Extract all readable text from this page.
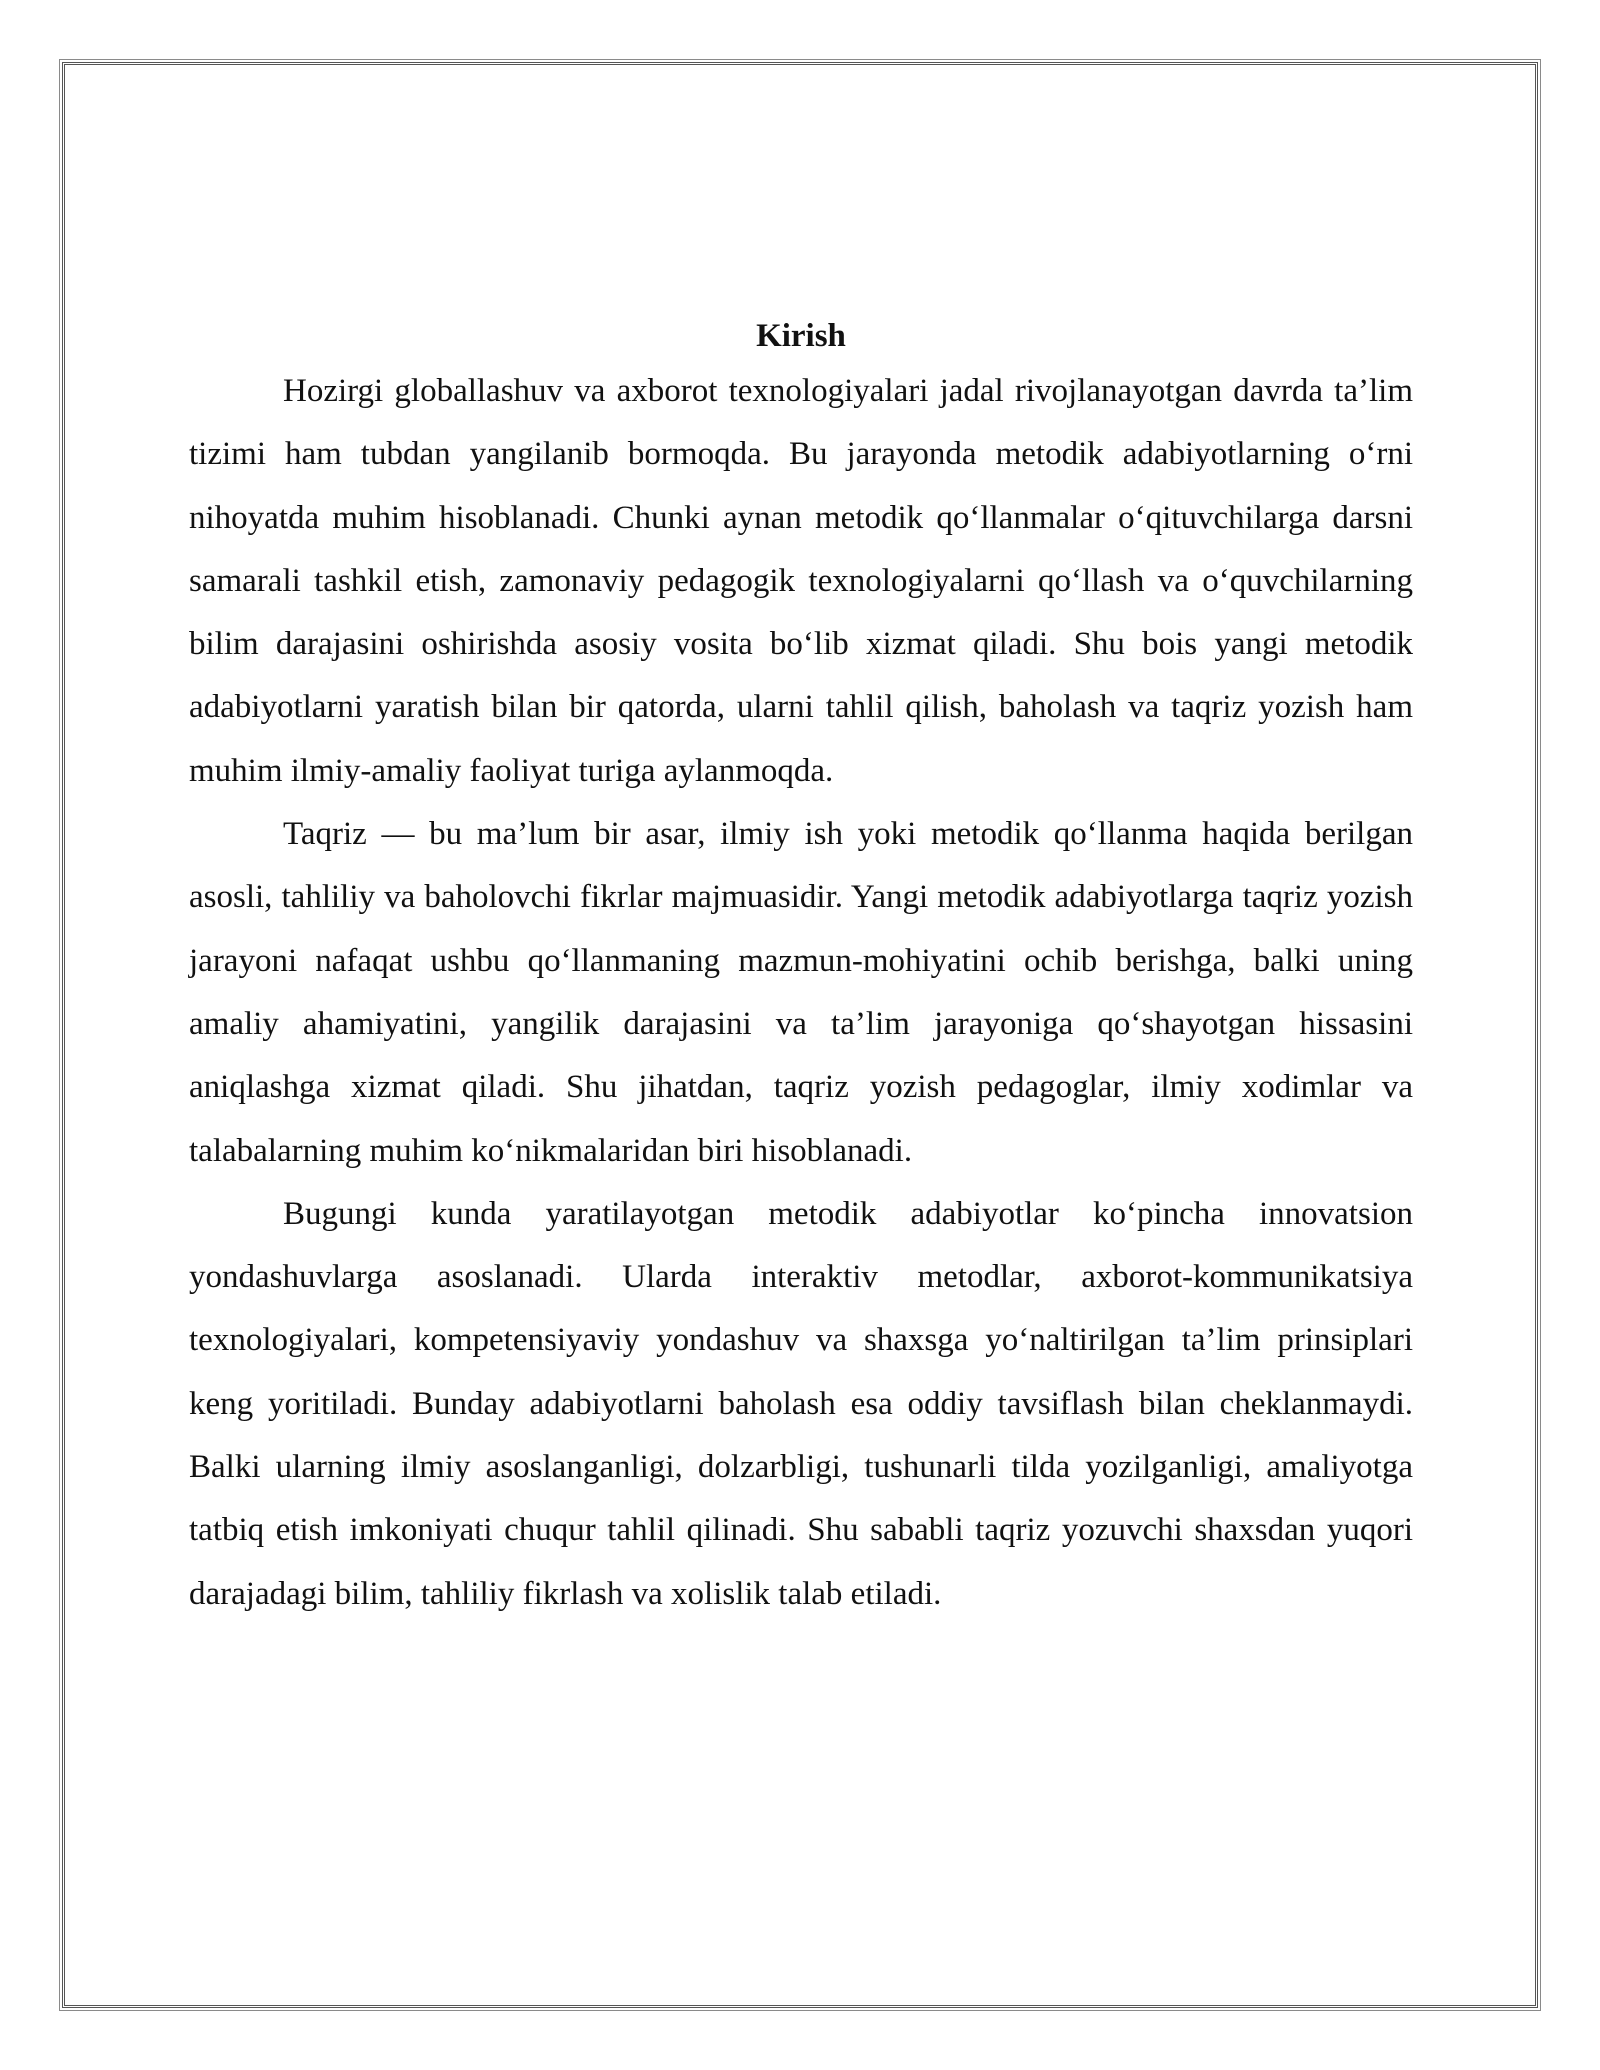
Kirish

Hozirgi globallashuv va axborot texnologiyalari jadal rivojlanayotgan davrda ta’lim tizimi ham tubdan yangilanib bormoqda. Bu jarayonda metodik adabiyotlarning o‘rni nihoyatda muhim hisoblanadi. Chunki aynan metodik qo‘llanmalar o‘qituvchilarga darsni samarali tashkil etish, zamonaviy pedagogik texnologiyalarni qo‘llash va o‘quvchilarning bilim darajasini oshirishda asosiy vosita bo‘lib xizmat qiladi. Shu bois yangi metodik adabiyotlarni yaratish bilan bir qatorda, ularni tahlil qilish, baholash va taqriz yozish ham muhim ilmiy-amaliy faoliyat turiga aylanmoqda.

Taqriz — bu ma’lum bir asar, ilmiy ish yoki metodik qo‘llanma haqida berilgan asosli, tahliliy va baholovchi fikrlar majmuasidir. Yangi metodik adabiyotlarga taqriz yozish jarayoni nafaqat ushbu qo‘llanmaning mazmun-mohiyatini ochib berishga, balki uning amaliy ahamiyatini, yangilik darajasini va ta’lim jarayoniga qo‘shayotgan hissasini aniqlashga xizmat qiladi. Shu jihatdan, taqriz yozish pedagoglar, ilmiy xodimlar va talabalarning muhim ko‘nikmalaridan biri hisoblanadi.

Bugungi kunda yaratilayotgan metodik adabiyotlar ko‘pincha innovatsion yondashuvlarga asoslanadi. Ularda interaktiv metodlar, axborot-kommunikatsiya texnologiyalari, kompetensiyaviy yondashuv va shaxsga yo‘naltirilgan ta’lim prinsiplari keng yoritiladi. Bunday adabiyotlarni baholash esa oddiy tavsiflash bilan cheklanmaydi. Balki ularning ilmiy asoslanganligi, dolzarbligi, tushunarli tilda yozilganligi, amaliyotga tatbiq etish imkoniyati chuqur tahlil qilinadi. Shu sababli taqriz yozuvchi shaxsdan yuqori darajadagi bilim, tahliliy fikrlash va xolislik talab etiladi.
